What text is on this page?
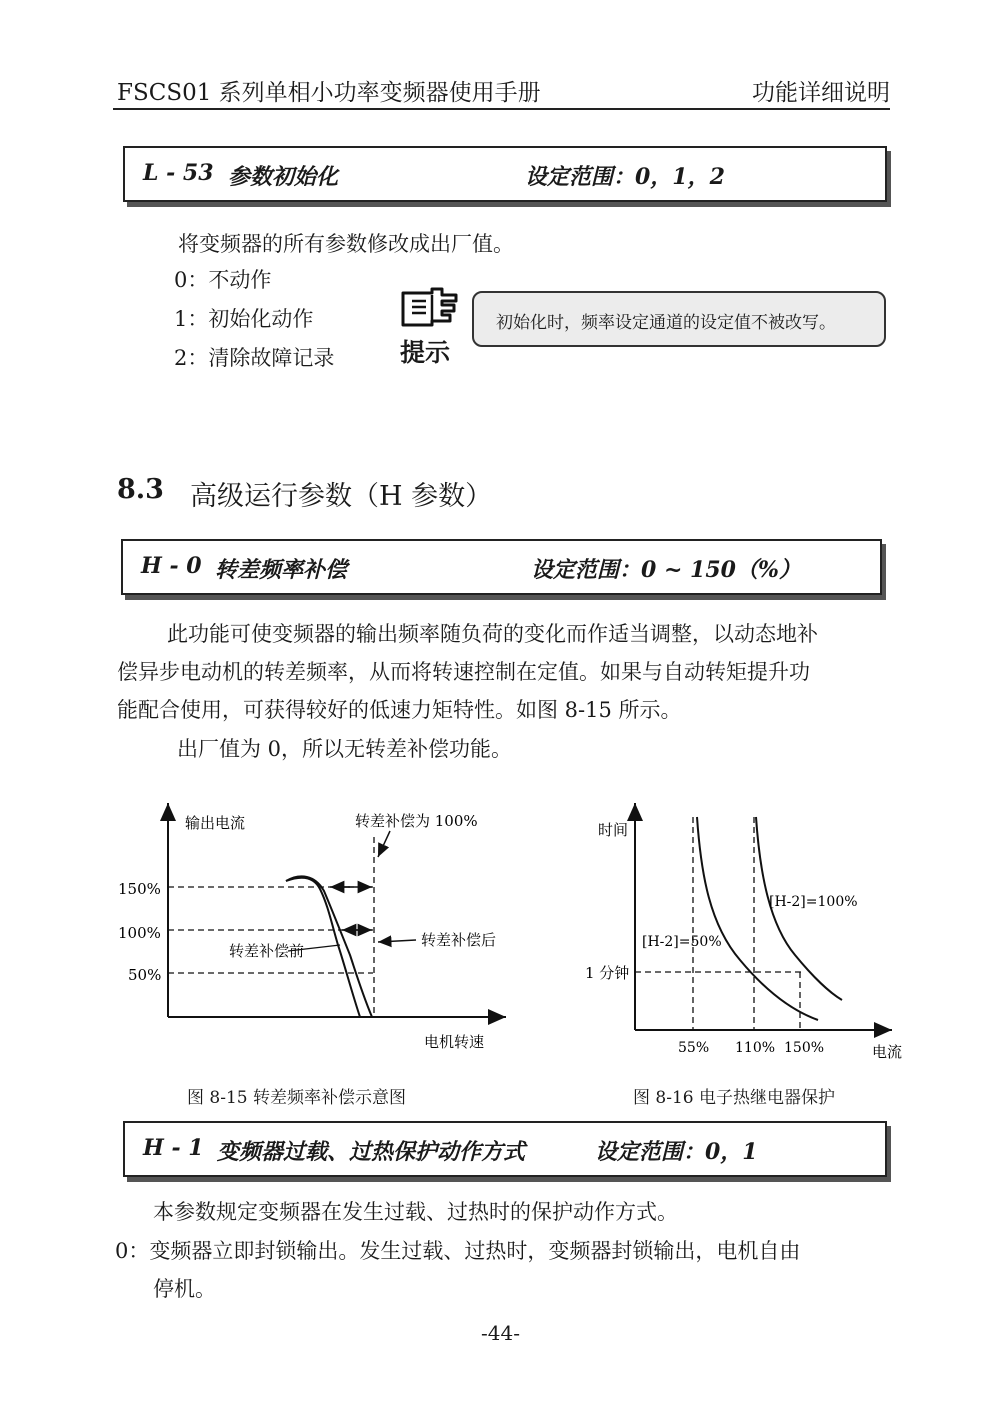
FSCS01 系列单相小功率变频器使用手册	功能详细说明
L - 53 参数初始化	设定范围：0，1，2
将变频器的所有参数修改成出厂值。
0：不动作
1：初始化动作
2：清除故障记录	提示
初始化时，频率设定通道的设定值不被改写。
8.3 高级运行参数（H 参数）
H - 0 转差频率补偿	设定范围：0 ~ 150（%）
此功能可使变频器的输出频率随负荷的变化而作适当调整，以动态地补
偿异步电动机的转差频率，从而将转速控制在定值。如果与自动转矩提升功
能配合使用，可获得较好的低速力矩特性。如图 8-15 所示。
出厂值为 0，所以无转差补偿功能。
输出电流
电机转速
150%
100%
50%
转差补偿为 100%
转差补偿前
转差补偿后
时间
电流
1 分钟
[H-2]=50%
[H-2]=100%
55% 110% 150%
图 8-15 转差频率补偿示意图	图 8-16 电子热继电器保护
H - 1 变频器过载、过热保护动作方式	设定范围：0，1
本参数规定变频器在发生过载、过热时的保护动作方式。
0：变频器立即封锁输出。发生过载、过热时，变频器封锁输出，电机自由
停机。
-44-
